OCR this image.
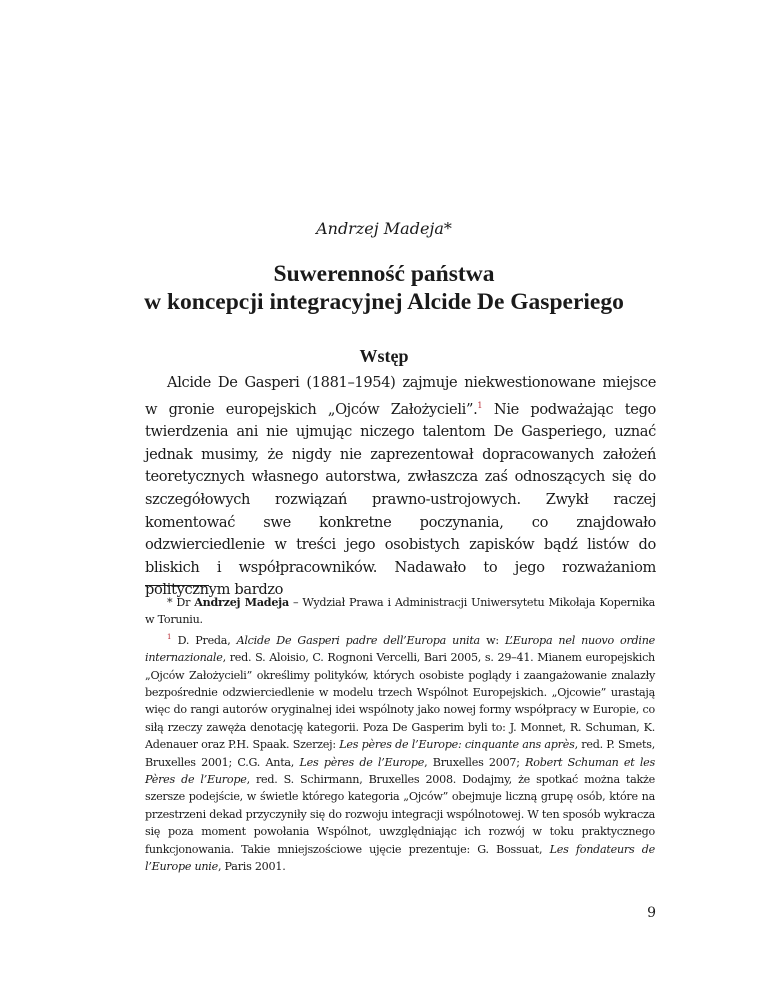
Andrzej Madeja*
Suwerenność państwa
w koncepcji integracyjnej Alcide De Gasperiego
Wstęp

Alcide De Gasperi (1881–1954) zajmuje niekwestionowane miejsce w gronie europejskich „Ojców Założycieli”.$^1$ Nie podważając tego twierdzenia ani nie ujmując niczego talentom De Gasperiego, uznać jednak musimy, że nigdy nie zaprezentował dopracowanych założeń teoretycznych własnego autorstwa, zwłaszcza zaś odnoszących się do szczegółowych rozwiązań prawno-ustrojowych. Zwykł raczej komentować swe konkretne poczynania, co znajdowało odzwierciedlenie w treści jego osobistych zapisków bądź listów do bliskich i współpracowników. Nadawało to jego rozważaniom politycznym bardzo

* Dr Andrzej Madeja – Wydział Prawa i Administracji Uniwersytetu Mikołaja Kopernika w Toruniu.

$^1$ D. Preda, Alcide De Gasperi padre dell’Europa unita w: L’Europa nel nuovo ordine internazionale, red. S. Aloisio, C. Rognoni Vercelli, Bari 2005, s. 29–41. Mianem europejskich „Ojców Założycieli” określimy polityków, których osobiste poglądy i zaangażowanie znalazły bezpośrednie odzwierciedlenie w modelu trzech Wspólnot Europejskich. „Ojcowie” urastają więc do rangi autorów oryginalnej idei wspólnoty jako nowej formy współpracy w Europie, co siłą rzeczy zawęża denotację kategorii. Poza De Gasperim byli to: J. Monnet, R. Schuman, K. Adenauer oraz P.H. Spaak. Szerzej: Les pères de l’Europe: cinquante ans après, red. P. Smets, Bruxelles 2001; C.G. Anta, Les pères de l’Europe, Bruxelles 2007; Robert Schuman et les Pères de l’Europe, red. S. Schirmann, Bruxelles 2008. Dodajmy, że spotkać można także szersze podejście, w świetle którego kategoria „Ojców” obejmuje liczną grupę osób, które na przestrzeni dekad przyczyniły się do rozwoju integracji wspólnotowej. W ten sposób wykracza się poza moment powołania Wspólnot, uwzględniając ich rozwój w toku praktycznego funkcjonowania. Takie mniejszościowe ujęcie prezentuje: G. Bossuat, Les fondateurs de l’Europe unie, Paris 2001.

9
